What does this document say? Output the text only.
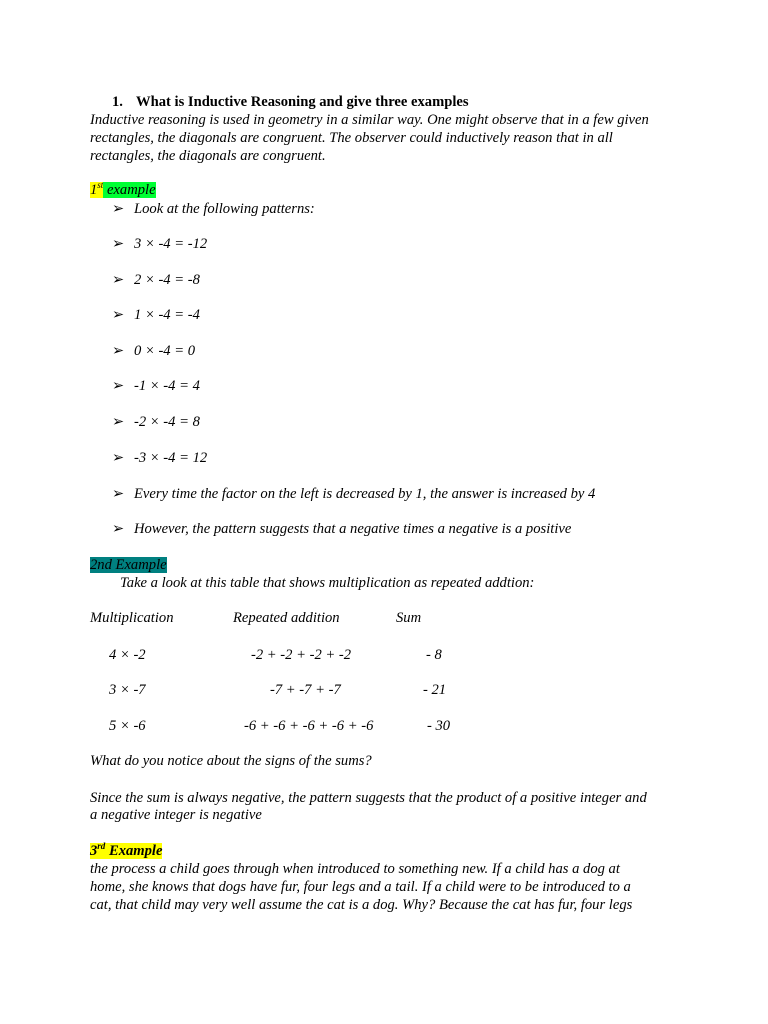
1. What is Inductive Reasoning and give three examples
Inductive reasoning is used in geometry in a similar way. One might observe that in a few given
rectangles, the diagonals are congruent. The observer could inductively reason that in all
rectangles, the diagonals are congruent.
1st example
➢ Look at the following patterns:
➢ 3 × -4 = -12
➢ 2 × -4 = -8
➢ 1 × -4 = -4
➢ 0 × -4 = 0
➢ -1 × -4 = 4
➢ -2 × -4 = 8
➢ -3 × -4 = 12
➢ Every time the factor on the left is decreased by 1, the answer is increased by 4
➢ However, the pattern suggests that a negative times a negative is a positive
2nd Example
Take a look at this table that shows multiplication as repeated addtion:
Multiplication	Repeated addition	Sum
4 × -2	-2 + -2 + -2 + -2	- 8
3 × -7	-7 + -7 + -7	- 21
5 × -6	-6 + -6 + -6 + -6 + -6	- 30
What do you notice about the signs of the sums?
Since the sum is always negative, the pattern suggests that the product of a positive integer and
a negative integer is negative
3rd Example
the process a child goes through when introduced to something new. If a child has a dog at
home, she knows that dogs have fur, four legs and a tail. If a child were to be introduced to a
cat, that child may very well assume the cat is a dog. Why? Because the cat has fur, four legs
